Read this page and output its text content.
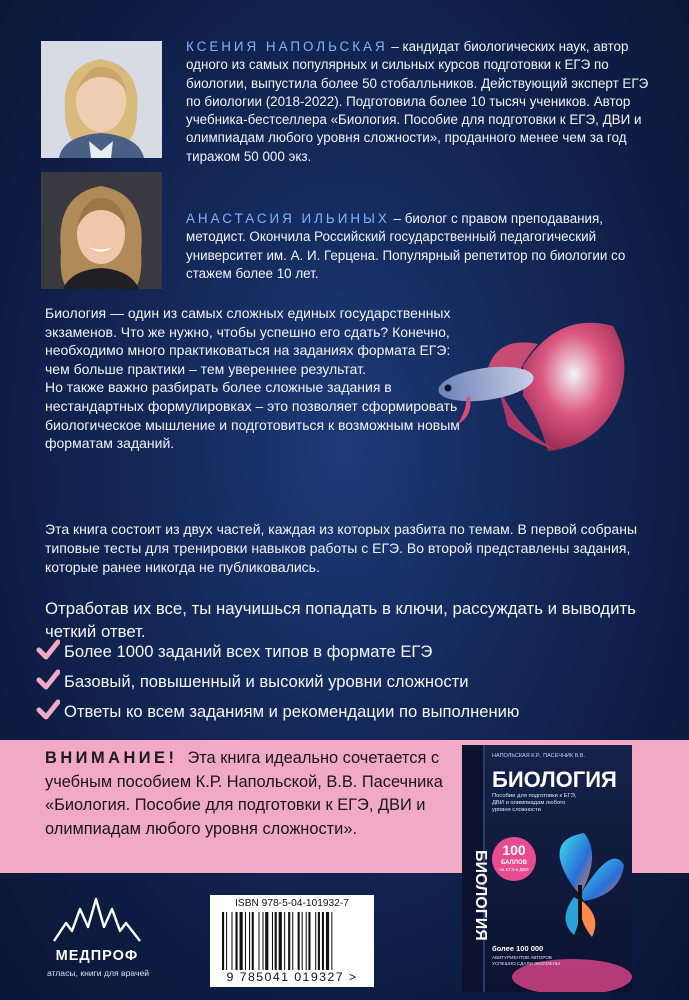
КСЕНИЯ НАПОЛЬСКАЯ – кандидат биологических наук, автор одного из самых популярных и сильных курсов подготовки к ЕГЭ по биологии, выпустила более 50 стобалльников. Действующий эксперт ЕГЭ по биологии (2018-2022). Подготовила более 10 тысяч учеников. Автор учебника-бестселлера «Биология. Пособие для подготовки к ЕГЭ, ДВИ и олимпиадам любого уровня сложности», проданного менее чем за год тиражом 50 000 экз.
АНАСТАСИЯ ИЛЬИНЫХ – биолог с правом преподавания, методист. Окончила Российский государственный педагогический университет им. А. И. Герцена. Популярный репетитор по биологии со стажем более 10 лет.

Биология — один из самых сложных единых государственных экзаменов. Что же нужно, чтобы успешно его сдать? Конечно, необходимо много практиковаться на заданиях формата ЕГЭ: чем больше практики – тем увереннее результат.

Но также важно разбирать более сложные задания в нестандартных формулировках – это позволяет сформировать биологическое мышление и подготовиться к возможным новым форматам заданий.

Эта книга состоит из двух частей, каждая из которых разбита по темам. В первой собраны типовые тесты для тренировки навыков работы с ЕГЭ. Во второй представлены задания, которые ранее никогда не публиковались.
Отработав их все, ты научишься попадать в ключи, рассуждать и выводить четкий ответ.
Более 1000 заданий всех типов в формате ЕГЭ
Базовый, повышенный и высокий уровни сложности
Ответы ко всем заданиям и рекомендации по выполнению
ВНИМАНИЕ! Эта книга идеально сочетается с учебным пособием К.Р. Напольской, В.В. Пасечника «Биология. Пособие для подготовки к ЕГЭ, ДВИ и олимпиадам любого уровня сложности».
БИОЛОГИЯ
НАПОЛЬСКАЯ К.Р., ПАСЕЧНИК В.В.
БИОЛОГИЯ
Пособие для подготовки к ЕГЭ, ДВИ и олимпиадам любого уровня сложности
100
БАЛЛОВ
на ЕГЭ и ДВИ
более 100 000
АБИТУРИЕНТОВ АВТОРОВ УСПЕШНО СДАЛИ ЭКЗАМЕНЫ
МЕДПРОФ
атласы, книги для врачей
ISBN 978-5-04-101932-7
9 785041 019327 >
